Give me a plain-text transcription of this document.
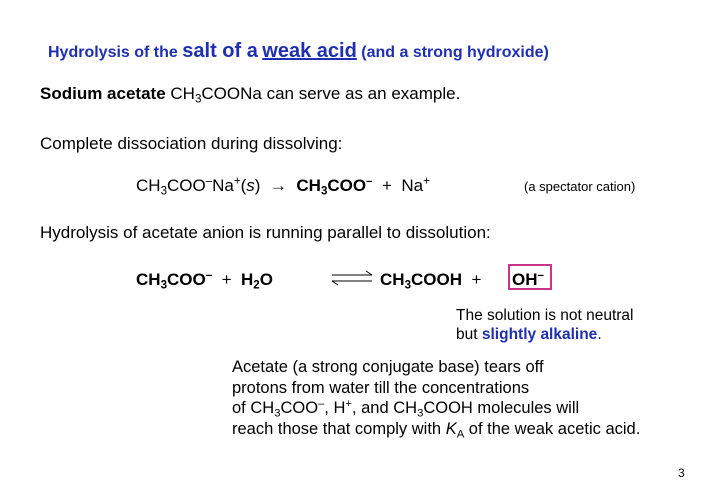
Hydrolysis of the salt of a weak acid (and a strong hydroxide)
Sodium acetate $CH_3COONa$ can serve as an example.
Complete dissociation during dissolving:
$CH_3COO^-Na^+(s) \to CH_3COO^- + Na^+$	(a spectator cation)
Hydrolysis of acetate anion is running parallel to dissolution:
$CH_3COO^- + H_2O$	⇌ $CH_3COOH + OH^-$
The solution is not neutral
but slightly alkaline.
Acetate (a strong conjugate base) tears off
protons from water till the concentrations
of $CH_3COO^-$, H+, and $CH_3COOH$ molecules will
reach those that comply with $K_A$ of the weak acetic acid.
3
